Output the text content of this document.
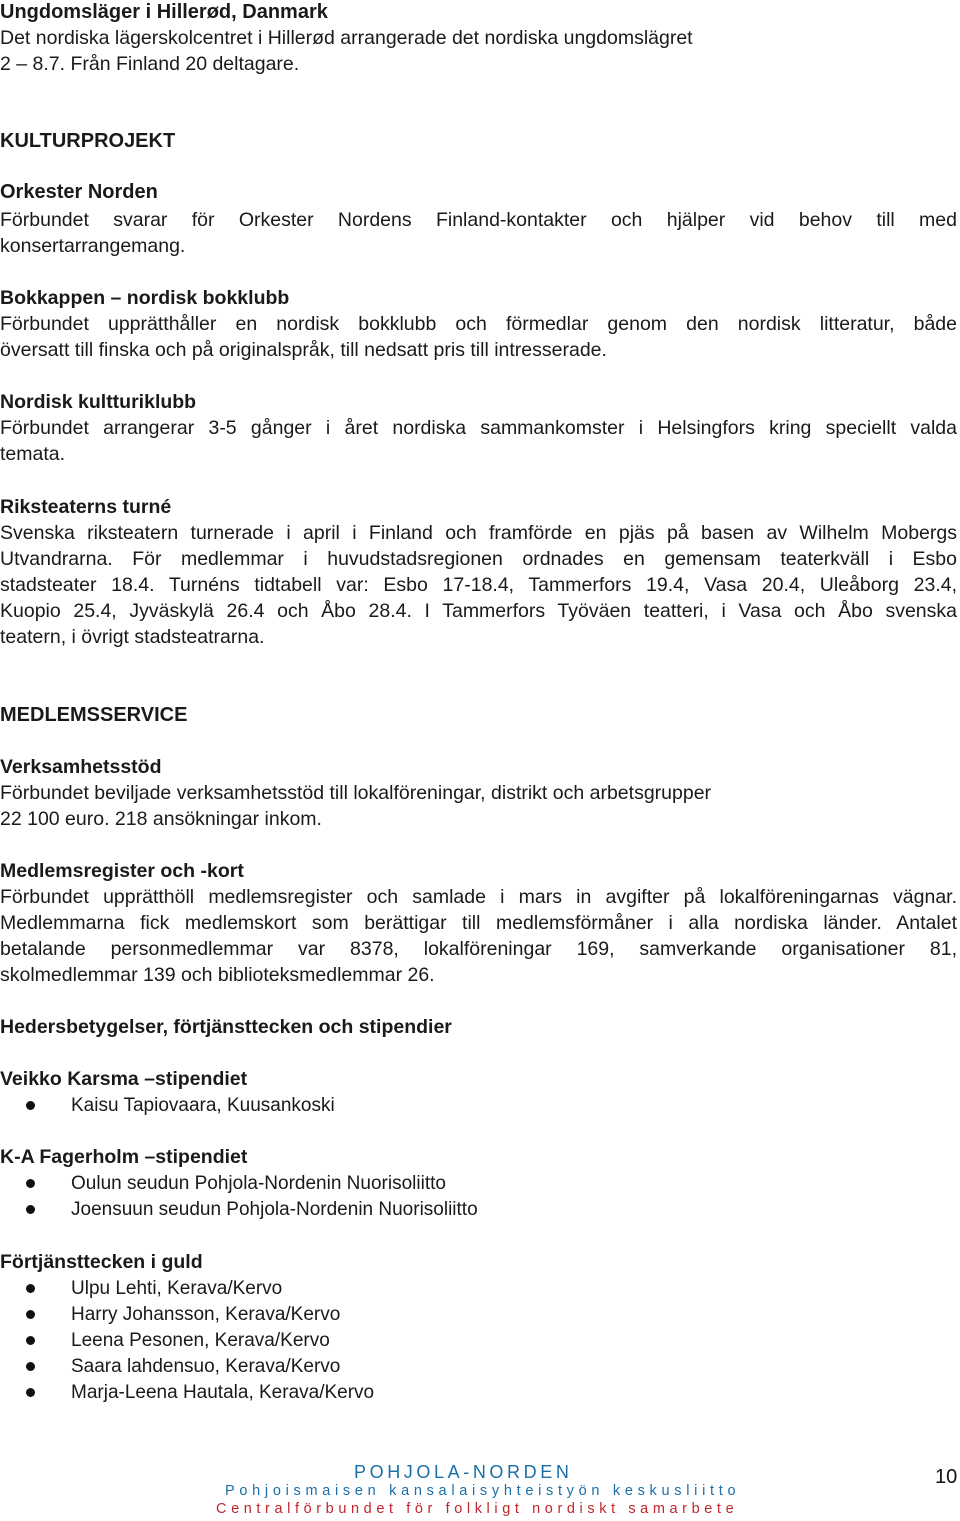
Ungdomsläger i Hillerød, Danmark
Det nordiska lägerskolcentret i Hillerød arrangerade det nordiska ungdomslägret
2 – 8.7. Från Finland 20 deltagare.
KULTURPROJEKT
Orkester Norden
Förbundet svarar för Orkester Nordens Finland-kontakter och hjälper vid behov till med
konsertarrangemang.
Bokkappen – nordisk bokklubb
Förbundet upprätthåller en nordisk bokklubb och förmedlar genom den nordisk litteratur, både
översatt till finska och på originalspråk, till nedsatt pris till intresserade.
Nordisk kultturiklubb
Förbundet arrangerar 3-5 gånger i året nordiska sammankomster i Helsingfors kring speciellt valda
temata.
Riksteaterns turné
Svenska riksteatern turnerade i april i Finland och framförde en pjäs på basen av Wilhelm Mobergs
Utvandrarna. För medlemmar i huvudstadsregionen ordnades en gemensam teaterkväll i Esbo
stadsteater 18.4. Turnéns tidtabell var: Esbo 17-18.4, Tammerfors 19.4, Vasa 20.4, Uleåborg 23.4,
Kuopio 25.4, Jyväskylä 26.4 och Åbo 28.4. I Tammerfors Työväen teatteri, i Vasa och Åbo svenska
teatern, i övrigt stadsteatrarna.
MEDLEMSSERVICE
Verksamhetsstöd
Förbundet beviljade verksamhetsstöd till lokalföreningar, distrikt och arbetsgrupper
22 100 euro. 218 ansökningar inkom.
Medlemsregister och -kort
Förbundet upprätthöll medlemsregister och samlade i mars in avgifter på lokalföreningarnas vägnar.
Medlemmarna fick medlemskort som berättigar till medlemsförmåner i alla nordiska länder. Antalet
betalande personmedlemmar var 8378, lokalföreningar 169, samverkande organisationer 81,
skolmedlemmar 139 och biblioteksmedlemmar 26.
Hedersbetygelser, förtjänsttecken och stipendier
Veikko Karsma –stipendiet
Kaisu Tapiovaara, Kuusankoski
K-A Fagerholm –stipendiet
Oulun seudun Pohjola-Nordenin Nuorisoliitto
Joensuun seudun Pohjola-Nordenin Nuorisoliitto
Förtjänsttecken i guld
Ulpu Lehti, Kerava/Kervo
Harry Johansson, Kerava/Kervo
Leena Pesonen, Kerava/Kervo
Saara lahdensuo, Kerava/Kervo
Marja-Leena Hautala, Kerava/Kervo
POHJOLA-NORDEN
Pohjoismaisen kansalaisyhteistyön keskusliitto
Centralförbundet för folkligt nordiskt samarbete
10
